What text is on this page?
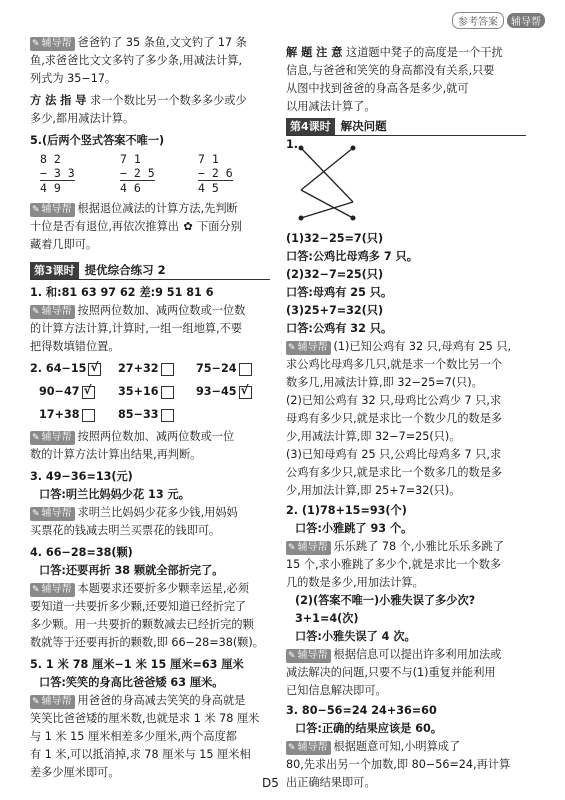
参考答案 辅导帮
✎ 辅导帮 爸爸钓了 35 条鱼,文文钓了 17 条
鱼,求爸爸比文文多钓了多少条,用减法计算,
列式为 35−17。
方 法 指 导 求一个数比另一个数多多少或少
多少,都用减法计算。
5.(后两个竖式答案不唯一)
8 2
− 3 3
4 9
7 1
− 2 5
4 6
7 1
− 2 6
4 5
✎ 辅导帮 根据退位减法的计算方法,先判断
十位是否有退位,再依次推算出 ✿ 下面分别
藏着几即可。
第3课时 提优综合练习 2
1. 和:81 63 97 62 差:9 51 81 6
✎ 辅导帮 按照两位数加、减两位数或一位数
的计算方法计算,计算时,一组一组地算,不要
把得数填错位置。
2. 64−15 √ 27+32	75−24
90−47 √ 35+16	93−45 √
17+38	85−33
✎ 辅导帮 按照两位数加、减两位数或一位
数的计算方法计算出结果,再判断。
3. 49−36=13(元)
口答:明兰比妈妈少花 13 元。
✎ 辅导帮 求明兰比妈妈少花多少钱,用妈妈
买票花的钱减去明兰买票花的钱即可。
4. 66−28=38(颗)
口答:还要再折 38 颗就全部折完了。
✎ 辅导帮 本题要求还要折多少颗幸运星,必须
要知道一共要折多少颗,还要知道已经折完了
多少颗。用一共要折的颗数减去已经折完的颗
数就等于还要再折的颗数,即 66−28=38(颗)。
5. 1 米 78 厘米−1 米 15 厘米=63 厘米
口答:笑笑的身高比爸爸矮 63 厘米。
✎ 辅导帮 用爸爸的身高减去笑笑的身高就是
笑笑比爸爸矮的厘米数,也就是求 1 米 78 厘米
与 1 米 15 厘米相差多少厘米,两个高度都
有 1 米,可以抵消掉,求 78 厘米与 15 厘米相
差多少厘米即可。
解 题 注 意 这道题中凳子的高度是一个干扰
信息,与爸爸和笑笑的身高都没有关系,只要
从图中找到爸爸的身高各是多少,就可
以用减法计算了。
第4课时 解决问题
1.
(1)32−25=7(只)
口答:公鸡比母鸡多 7 只。
(2)32−7=25(只)
口答:母鸡有 25 只。
(3)25+7=32(只)
口答:公鸡有 32 只。
✎ 辅导帮 (1)已知公鸡有 32 只,母鸡有 25 只,
求公鸡比母鸡多几只,就是求一个数比另一个
数多几,用减法计算,即 32−25=7(只)。
(2)已知公鸡有 32 只,母鸡比公鸡少 7 只,求
母鸡有多少只,就是求比一个数少几的数是多
少,用减法计算,即 32−7=25(只)。
(3)已知母鸡有 25 只,公鸡比母鸡多 7 只,求
公鸡有多少只,就是求比一个数多几的数是多
少,用加法计算,即 25+7=32(只)。
2. (1)78+15=93(个)
口答:小雅跳了 93 个。
✎ 辅导帮 乐乐跳了 78 个,小雅比乐乐多跳了
15 个,求小雅跳了多少个,就是求比一个数多
几的数是多少,用加法计算。
(2)(答案不唯一)小雅失误了多少次?
3+1=4(次)
口答:小雅失误了 4 次。
✎ 辅导帮 根据信息可以提出许多利用加法或
减法解决的问题,只要不与(1)重复并能利用
已知信息解决即可。
3. 80−56=24 24+36=60
口答:正确的结果应该是 60。
✎ 辅导帮 根据题意可知,小明算成了
80,先求出另一个加数,即 80−56=24,再计算
出正确结果即可。
D5
